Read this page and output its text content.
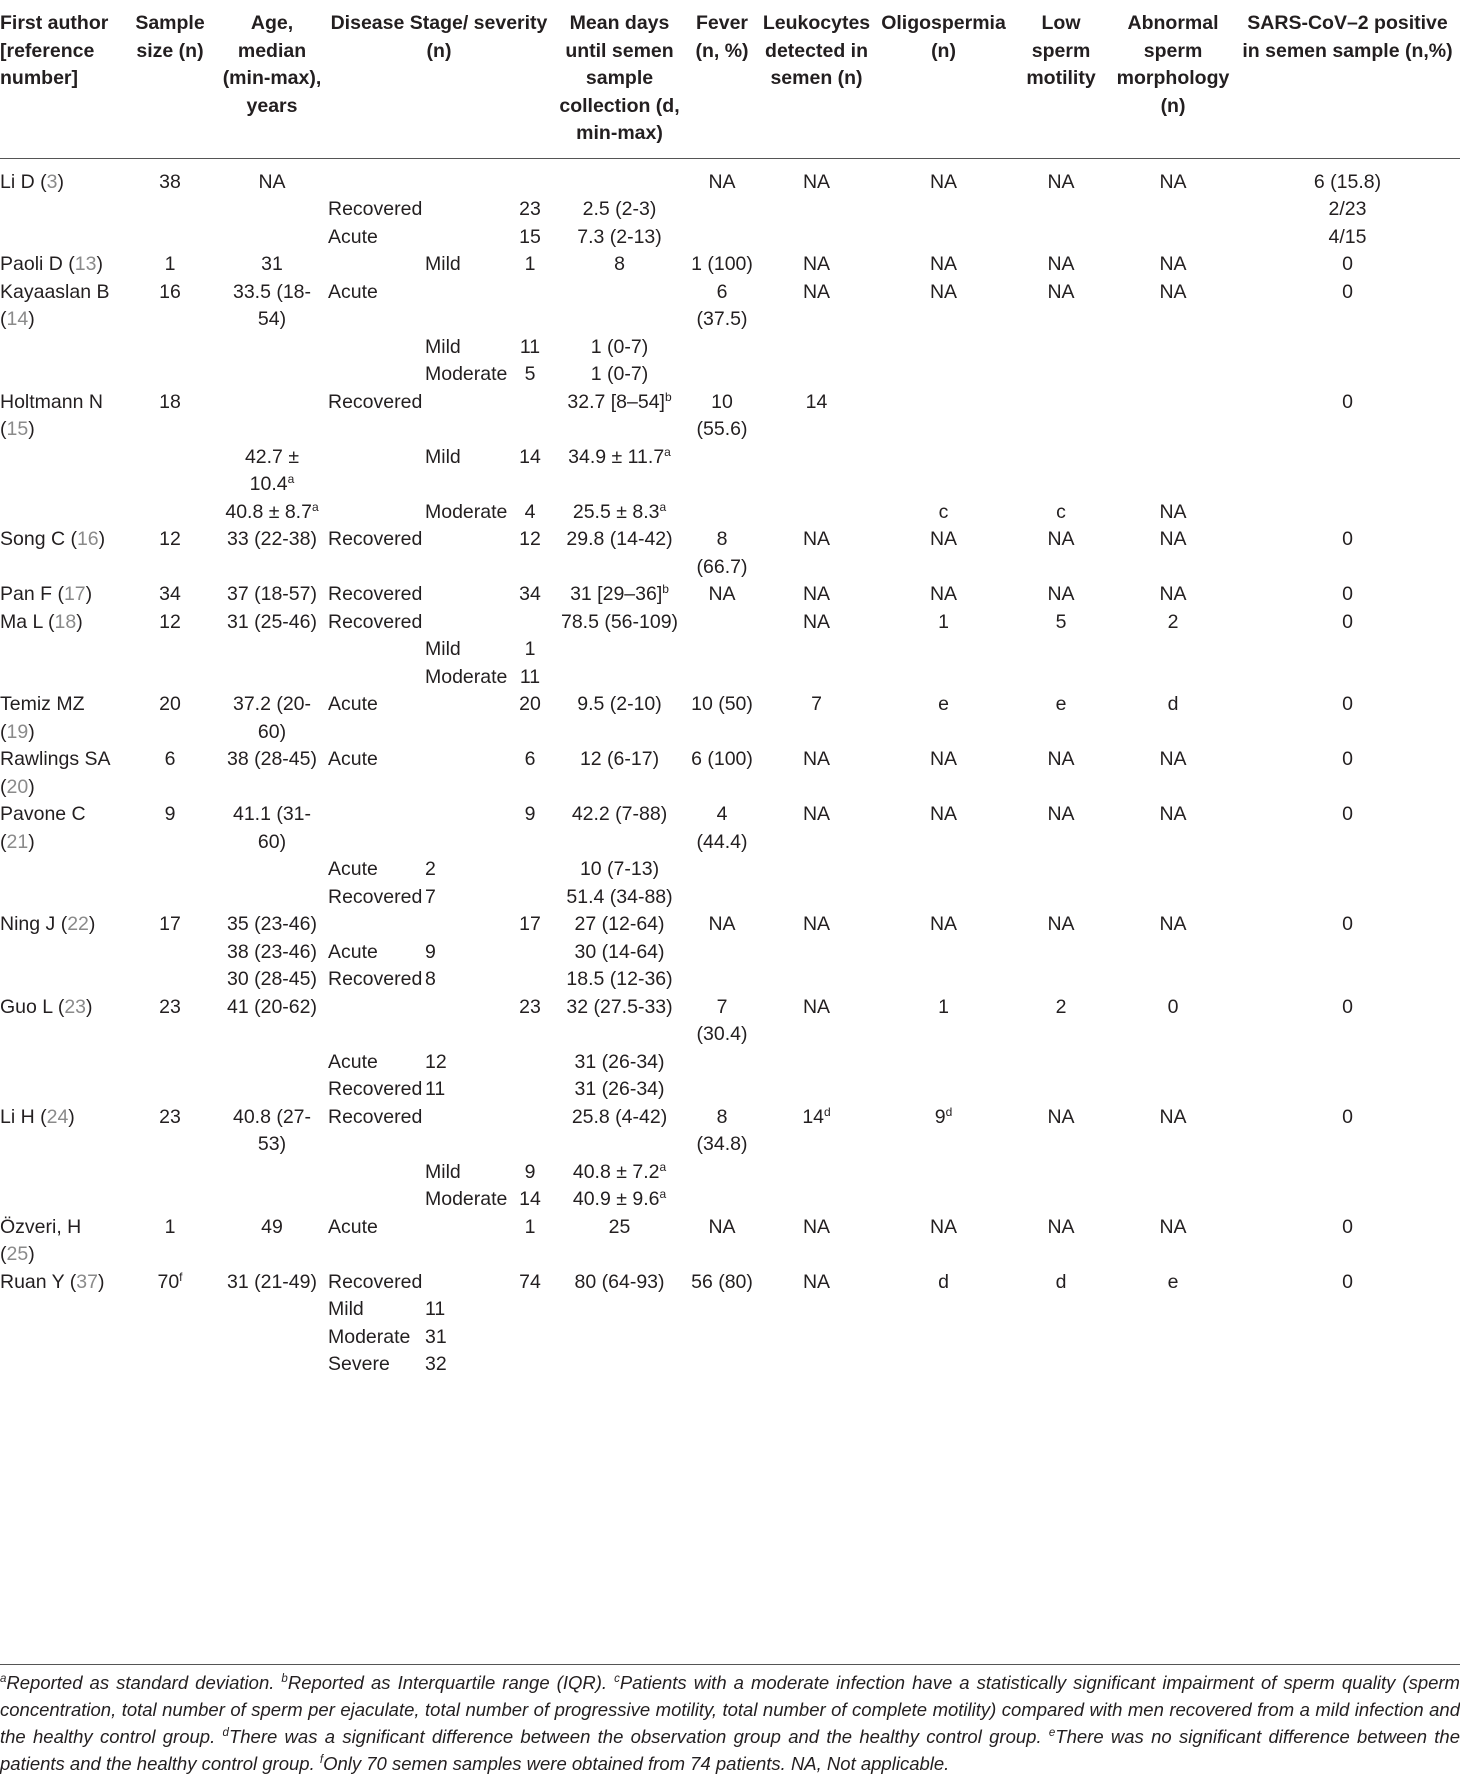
First author [reference number]	Sample size (n)	Age, median (min-max), years	Disease Stage/ severity (n)			Mean days until semen sample collection (d, min-max)	Fever (n, %)	Leukocytes detected in semen (n)	Oligospermia (n)	Low sperm motility	Abnormal sperm morphology (n)	SARS-CoV–2 positive in semen sample (n,%)
Li D (3)	38	NA					NA	NA	NA	NA	NA	6 (15.8)
			Recovered		23	2.5 (2-3)						2/23
			Acute		15	7.3 (2-13)						4/15
Paoli D (13)	1	31		Mild	1	8	1 (100)	NA	NA	NA	NA	0
Kayaaslan B (14)	16	33.5 (18-54)	Acute				6 (37.5)	NA	NA	NA	NA	0
				Mild	11	1 (0-7)						
				Moderate	5	1 (0-7)						
Holtmann N (15)	18		Recovered			32.7 $[8-54]^b$	10 (55.6)	14				0
		42.7 ± 10.4$^a$		Mild	14	34.9 ± 11.7$^a$						
		40.8 ± 8.7$^a$		Moderate	4	25.5 ± 8.3$^a$			c	c	NA	
Song C (16)	12	33 (22-38)	Recovered		12	29.8 (14-42)	8 (66.7)	NA	NA	NA	NA	0
Pan F (17)	34	37 (18-57)	Recovered		34	31 $[29-36]^b$	NA	NA	NA	NA	NA	0
Ma L (18)	12	31 (25-46)	Recovered			78.5 (56-109)		NA	1	5	2	0
				Mild	1							
				Moderate	11							
Temiz MZ (19)	20	37.2 (20-60)	Acute		20	9.5 (2-10)	10 (50)	7	e	e	d	0
Rawlings SA (20)	6	38 (28-45)	Acute		6	12 (6-17)	6 (100)	NA	NA	NA	NA	0
Pavone C (21)	9	41.1 (31-60)			9	42.2 (7-88)	4 (44.4)	NA	NA	NA	NA	0
			Acute	2		10 (7-13)						
			Recovered	7		51.4 (34-88)						
Ning J (22)	17	35 (23-46)			17	27 (12-64)	NA	NA	NA	NA	NA	0
		38 (23-46)	Acute	9		30 (14-64)						
		30 (28-45)	Recovered	8		18.5 (12-36)						
Guo L (23)	23	41 (20-62)			23	32 (27.5-33)	7 (30.4)	NA	1	2	0	0
			Acute	12		31 (26-34)						
			Recovered	11		31 (26-34)						
Li H (24)	23	40.8 (27-53)	Recovered			25.8 (4-42)	8 (34.8)	14$^d$	9$^d$	NA	NA	0
				Mild	9	40.8 ± 7.2$^a$						
				Moderate	14	40.9 ± 9.6$^a$						
Özveri, H (25)	1	49	Acute		1	25	NA	NA	NA	NA	NA	0
Ruan Y (37)	70$^f$	31 (21-49)	Recovered		74	80 (64-93)	56 (80)	NA	d	d	e	0
			Mild	11								
			Moderate	31								
			Severe	32								
$^a$Reported as standard deviation. $^b$Reported as Interquartile range (IQR). $^c$Patients with a moderate infection have a statistically significant impairment of sperm quality (sperm concentration, total number of sperm per ejaculate, total number of progressive motility, total number of complete motility) compared with men recovered from a mild infection and the healthy control group. $^d$There was a significant difference between the observation group and the healthy control group. $^e$There was no significant difference between the patients and the healthy control group. $^f$Only 70 semen samples were obtained from 74 patients. NA, Not applicable.
